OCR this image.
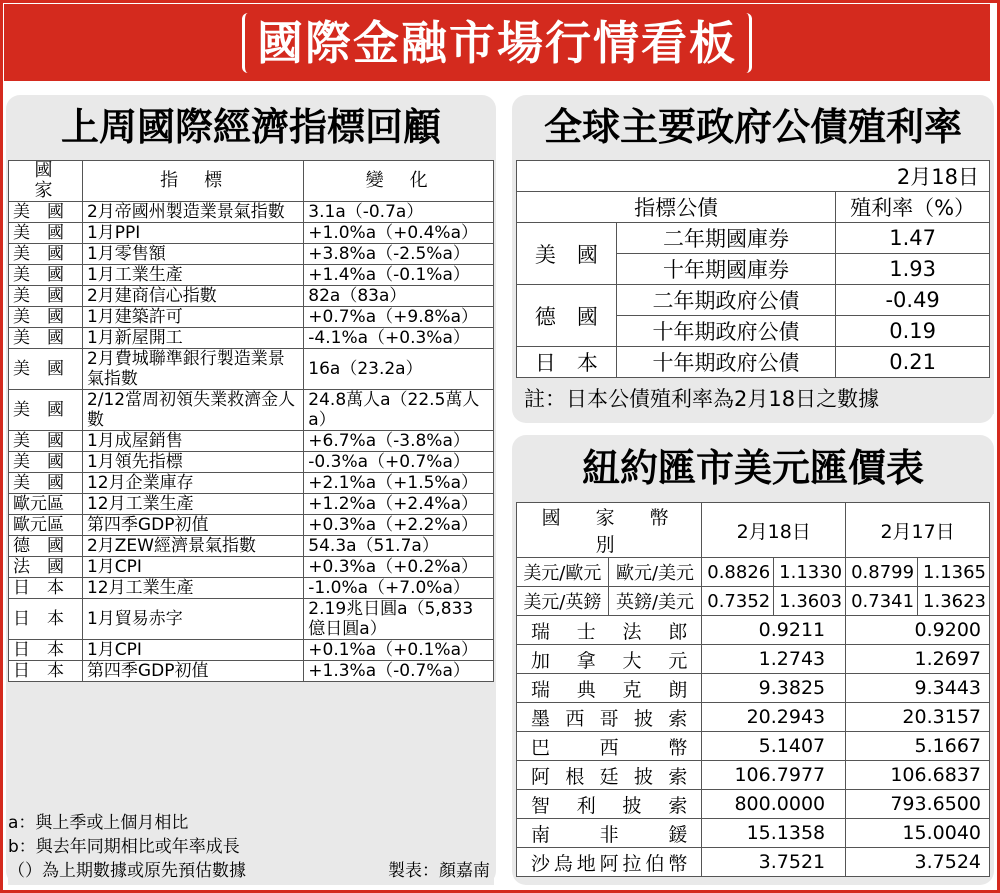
國際金融市場行情看板
上周國際經濟指標回顧
國　家	指　標	變　化
美　國	2月帝國州製造業景氣指數	3.1a（-0.7a）
美　國	1月PPI	+1.0%a（+0.4%a）
美　國	1月零售額	+3.8%a（-2.5%a）
美　國	1月工業生產	+1.4%a（-0.1%a）
美　國	2月建商信心指數	82a（83a）
美　國	1月建築許可	+0.7%a（+9.8%a）
美　國	1月新屋開工	-4.1%a（+0.3%a）
美　國	2月費城聯準銀行製造業景氣指數	16a（23.2a）
美　國	2/12當周初領失業救濟金人數	24.8萬人a（22.5萬人a）
美　國	1月成屋銷售	+6.7%a（-3.8%a）
美　國	1月領先指標	-0.3%a（+0.7%a）
美　國	12月企業庫存	+2.1%a（+1.5%a）
歐元區	12月工業生產	+1.2%a（+2.4%a）
歐元區	第四季GDP初值	+0.3%a（+2.2%a）
德　國	2月ZEW經濟景氣指數	54.3a（51.7a）
法　國	1月CPI	+0.3%a（+0.2%a）
日　本	12月工業生產	-1.0%a（+7.0%a）
日　本	1月貿易赤字	2.19兆日圓a（5,833億日圓a）
日　本	1月CPI	+0.1%a（+0.1%a）
日　本	第四季GDP初值	+1.3%a（-0.7%a）
a：與上季或上個月相比
b：與去年同期相比或年率成長
（）為上期數據或原先預估數據	製表：顏嘉南
全球主要政府公債殖利率
2月18日		
指標公債		殖利率（%）
美　國	二年期國庫券	1.47
	十年期國庫券	1.93
德　國	二年期政府公債	-0.49
	十年期政府公債	0.19
日　本	十年期政府公債	0.21
註：日本公債殖利率為2月18日之數據
紐約匯市美元匯價表
國　家　幣　別		2月18日		2月17日	
美元/歐元	歐元/美元	0.8826	1.1330	0.8799	1.1365
美元/英鎊	英鎊/美元	0.7352	1.3603	0.7341	1.3623
瑞士法郎		0.9211		0.9200	
加拿大元		1.2743		1.2697	
瑞典克朗		9.3825		9.3443	
墨西哥披索		20.2943		20.3157	
巴西幣		5.1407		5.1667	
阿根廷披索		106.7977		106.6837	
智利披索		800.0000		793.6500	
南非鍰		15.1358		15.0040	
沙烏地阿拉伯幣		3.7521		3.7524	
